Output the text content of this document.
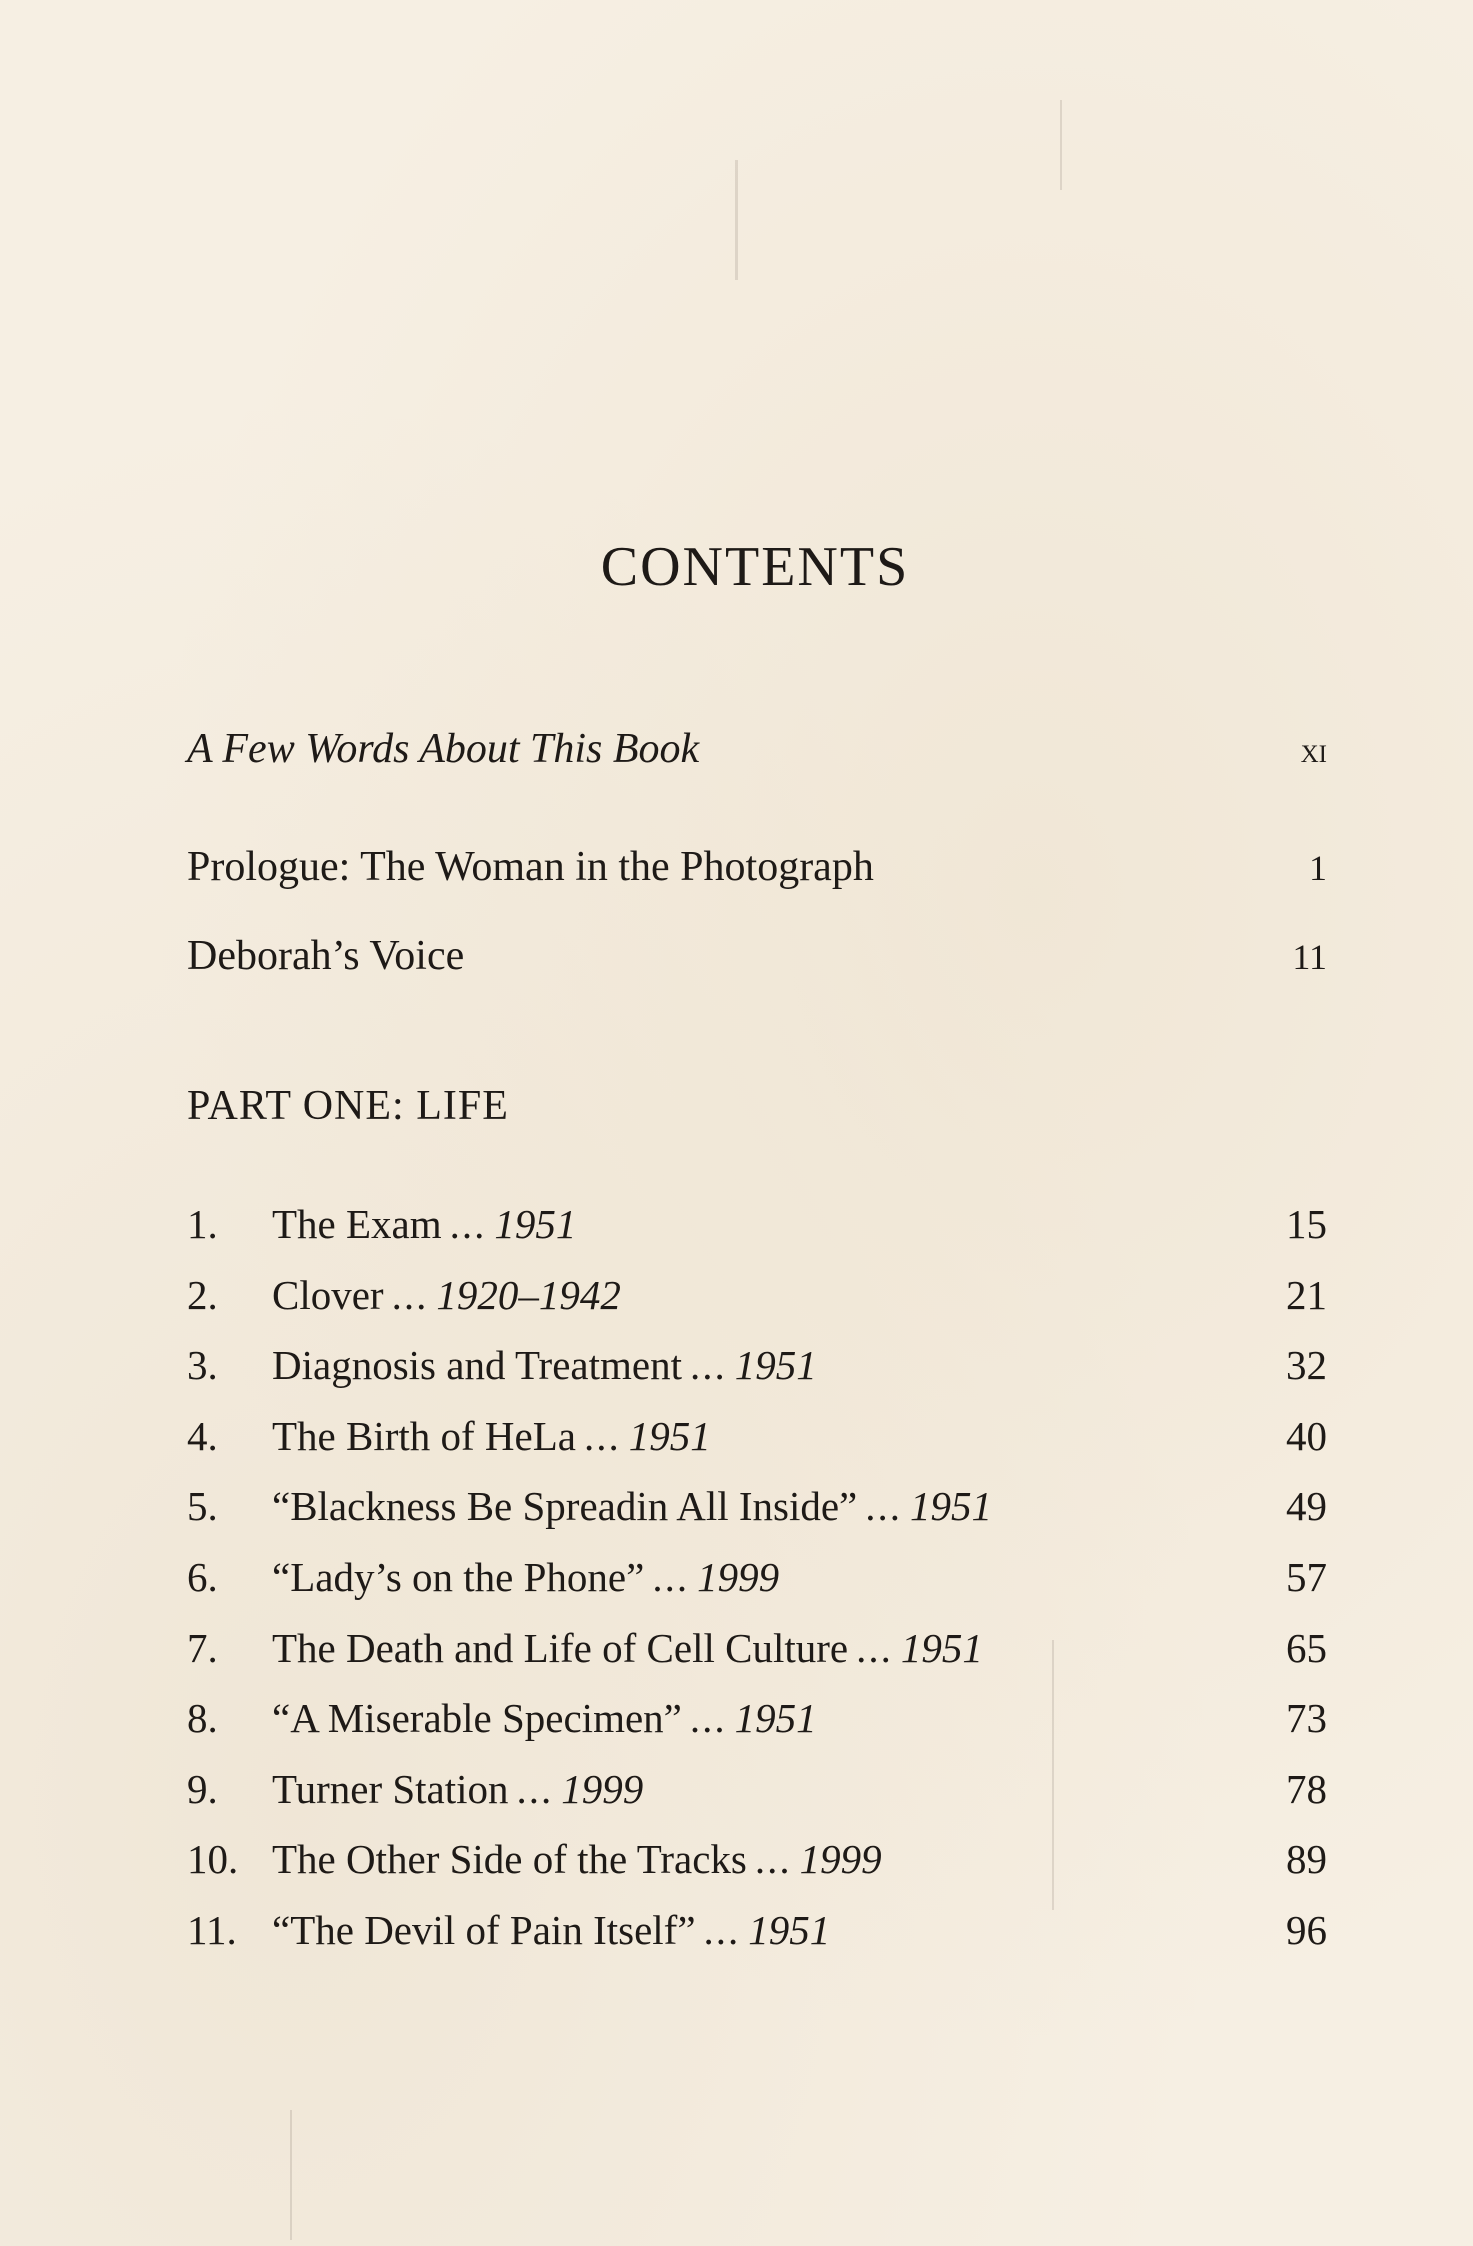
CONTENTS
A Few Words About This Book	xi
Prologue: The Woman in the Photograph	1
Deborah’s Voice	11
PART ONE: LIFE
1.	The Exam ... 1951	15
2.	Clover ... 1920–1942	21
3.	Diagnosis and Treatment ... 1951	32
4.	The Birth of HeLa ... 1951	40
5.	“Blackness Be Spreadin All Inside” ... 1951	49
6.	“Lady’s on the Phone” ... 1999	57
7.	The Death and Life of Cell Culture ... 1951	65
8.	“A Miserable Specimen” ... 1951	73
9.	Turner Station ... 1999	78
10. The Other Side of the Tracks ... 1999	89
11. “The Devil of Pain Itself” ... 1951	96
